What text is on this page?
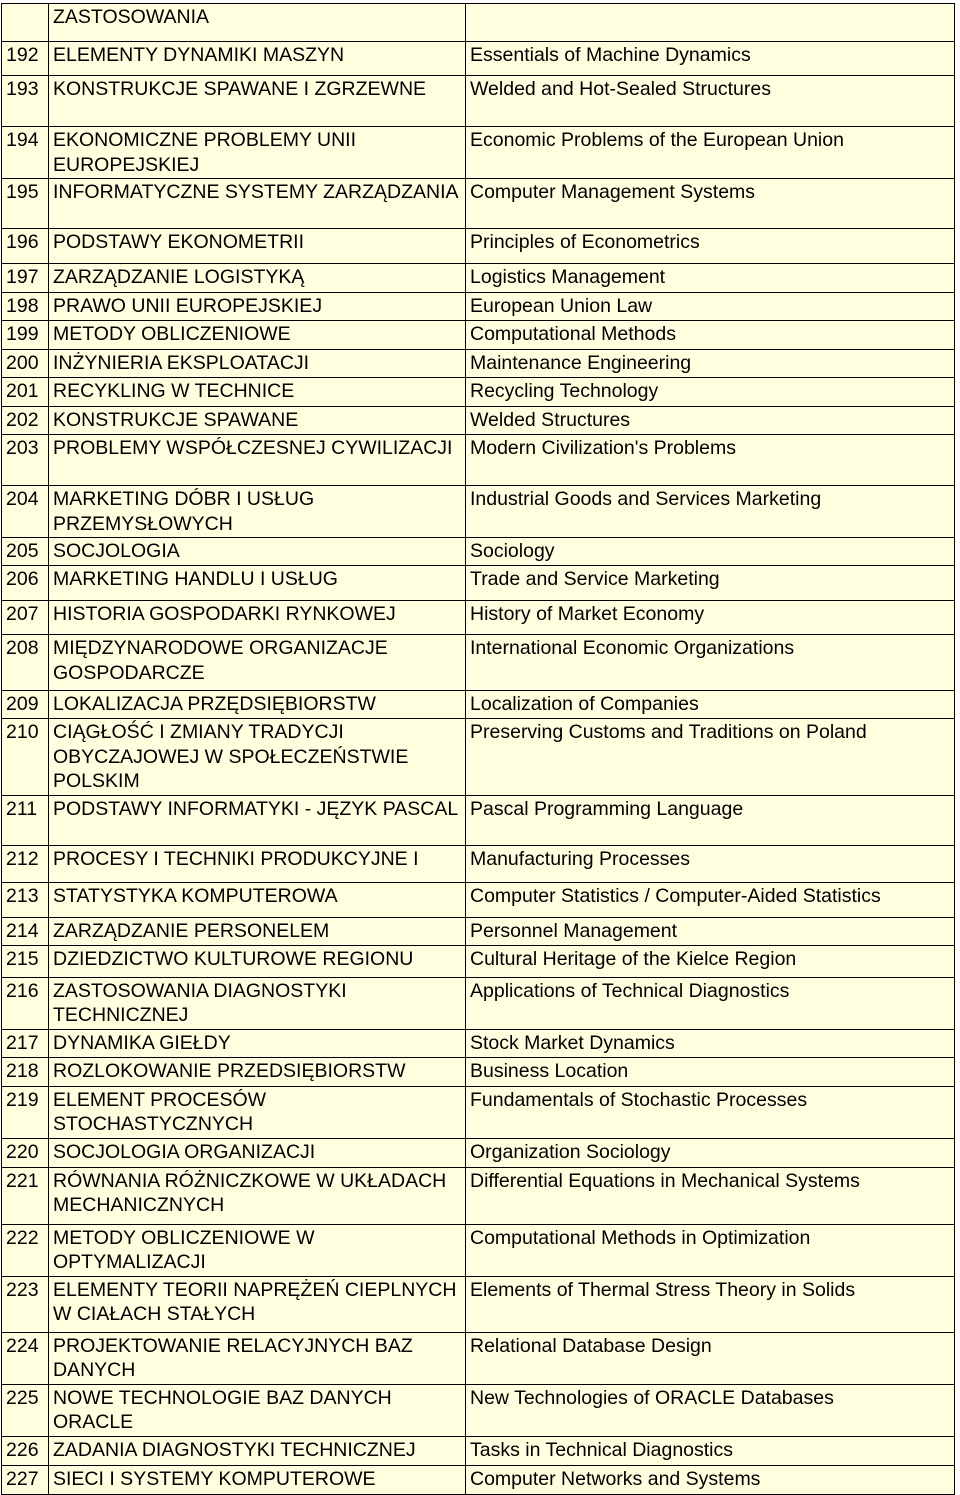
	ZASTOSOWANIA	
192	ELEMENTY DYNAMIKI MASZYN	Essentials of Machine Dynamics
193	KONSTRUKCJE SPAWANE I ZGRZEWNE	Welded and Hot-Sealed Structures
194	EKONOMICZNE PROBLEMY UNII EUROPEJSKIEJ	Economic Problems of the European Union
195	INFORMATYCZNE SYSTEMY ZARZĄDZANIA	Computer Management Systems
196	PODSTAWY EKONOMETRII	Principles of Econometrics
197	ZARZĄDZANIE LOGISTYKĄ	Logistics Management
198	PRAWO UNII EUROPEJSKIEJ	European Union Law
199	METODY OBLICZENIOWE	Computational Methods
200	INŻYNIERIA EKSPLOATACJI	Maintenance Engineering
201	RECYKLING W TECHNICE	Recycling Technology
202	KONSTRUKCJE SPAWANE	Welded Structures
203	PROBLEMY WSPÓŁCZESNEJ CYWILIZACJI	Modern Civilization's Problems
204	MARKETING DÓBR I USŁUG PRZEMYSŁOWYCH	Industrial Goods and Services Marketing
205	SOCJOLOGIA	Sociology
206	MARKETING HANDLU I USŁUG	Trade and Service Marketing
207	HISTORIA GOSPODARKI RYNKOWEJ	History of Market Economy
208	MIĘDZYNARODOWE ORGANIZACJE GOSPODARCZE	International Economic Organizations
209	LOKALIZACJA PRZĘDSIĘBIORSTW	Localization of Companies
210	CIĄGŁOŚĆ I ZMIANY TRADYCJI OBYCZAJOWEJ W SPOŁECZEŃSTWIE POLSKIM	Preserving Customs and Traditions on Poland
211	PODSTAWY INFORMATYKI - JĘZYK PASCAL	Pascal Programming Language
212	PROCESY I TECHNIKI PRODUKCYJNE I	Manufacturing Processes
213	STATYSTYKA KOMPUTEROWA	Computer Statistics / Computer-Aided Statistics
214	ZARZĄDZANIE PERSONELEM	Personnel Management
215	DZIEDZICTWO KULTUROWE REGIONU	Cultural Heritage of the Kielce Region
216	ZASTOSOWANIA DIAGNOSTYKI TECHNICZNEJ	Applications of Technical Diagnostics
217	DYNAMIKA GIEŁDY	Stock Market Dynamics
218	ROZLOKOWANIE PRZEDSIĘBIORSTW	Business Location
219	ELEMENT PROCESÓW STOCHASTYCZNYCH	Fundamentals of Stochastic Processes
220	SOCJOLOGIA ORGANIZACJI	Organization Sociology
221	RÓWNANIA RÓŻNICZKOWE W UKŁADACH MECHANICZNYCH	Differential Equations in Mechanical Systems
222	METODY OBLICZENIOWE W OPTYMALIZACJI	Computational Methods in Optimization
223	ELEMENTY TEORII NAPRĘŻEŃ CIEPLNYCH W CIAŁACH STAŁYCH	Elements of Thermal Stress Theory in Solids
224	PROJEKTOWANIE RELACYJNYCH BAZ DANYCH	Relational Database Design
225	NOWE TECHNOLOGIE BAZ DANYCH ORACLE	New Technologies of ORACLE Databases
226	ZADANIA DIAGNOSTYKI TECHNICZNEJ	Tasks in Technical Diagnostics
227	SIECI I SYSTEMY KOMPUTEROWE	Computer Networks and Systems
